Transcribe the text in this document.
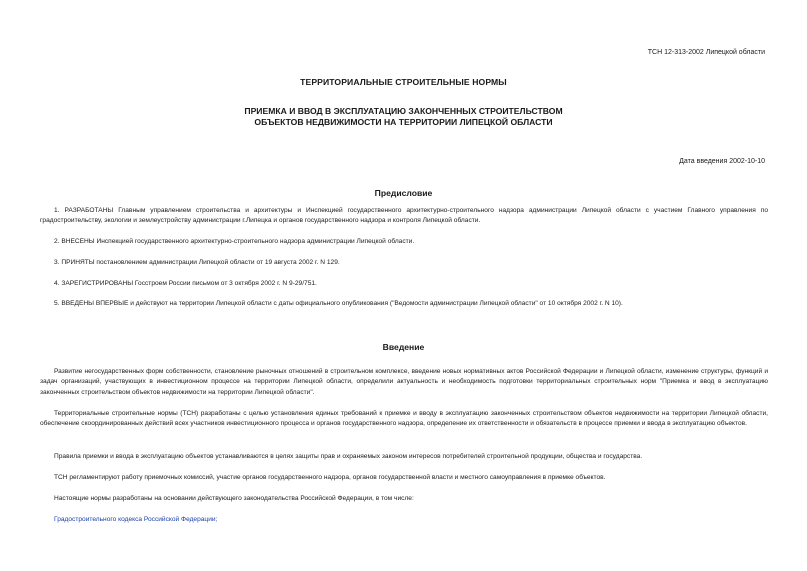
ТСН 12-313-2002 Липецкой области
ТЕРРИТОРИАЛЬНЫЕ СТРОИТЕЛЬНЫЕ НОРМЫ
ПРИЕМКА И ВВОД В ЭКСПЛУАТАЦИЮ ЗАКОНЧЕННЫХ СТРОИТЕЛЬСТВОМ
ОБЪЕКТОВ НЕДВИЖИМОСТИ НА ТЕРРИТОРИИ ЛИПЕЦКОЙ ОБЛАСТИ
Дата введения 2002-10-10
Предисловие

1. РАЗРАБОТАНЫ Главным управлением строительства и архитектуры и Инспекцией государственного архитектурно-строительного надзора администрации Липецкой области с участием Главного управления по градостроительству, экологии и землеустройству администрации г.Липецка и органов государственного надзора и контроля Липецкой области.

2. ВНЕСЕНЫ Инспекцией государственного архитектурно-строительного надзора администрации Липецкой области.

3. ПРИНЯТЫ постановлением администрации Липецкой области от 19 августа 2002 г. N 129.

4. ЗАРЕГИСТРИРОВАНЫ Госстроем России письмом от 3 октября 2002 г. N 9-29/751.

5. ВВЕДЕНЫ ВПЕРВЫЕ и действуют на территории Липецкой области с даты официального опубликования ("Ведомости администрации Липецкой области" от 10 октября 2002 г. N 10).

Введение

Развитие негосударственных форм собственности, становление рыночных отношений в строительном комплексе, введение новых нормативных актов Российской Федерации и Липецкой области, изменение структуры, функций и задач организаций, участвующих в инвестиционном процессе на территории Липецкой области, определили актуальность и необходимость подготовки территориальных строительных норм "Приемка и ввод в эксплуатацию законченных строительством объектов недвижимости на территории Липецкой области".

Территориальные строительные нормы (ТСН) разработаны с целью установления единых требований к приемке и вводу в эксплуатацию законченных строительством объектов недвижимости на территории Липецкой области, обеспечение скоординированных действий всех участников инвестиционного процесса и органов государственного надзора, определение их ответственности и обязательств в процессе приемки и ввода в эксплуатацию объектов.

Правила приемки и ввода в эксплуатацию объектов устанавливаются в целях защиты прав и охраняемых законом интересов потребителей строительной продукции, общества и государства.

ТСН регламентируют работу приемочных комиссий, участие органов государственного надзора, органов государственной власти и местного самоуправления в приемке объектов.

Настоящие нормы разработаны на основании действующего законодательства Российской Федерации, в том числе:

Градостроительного кодекса Российской Федерации;
